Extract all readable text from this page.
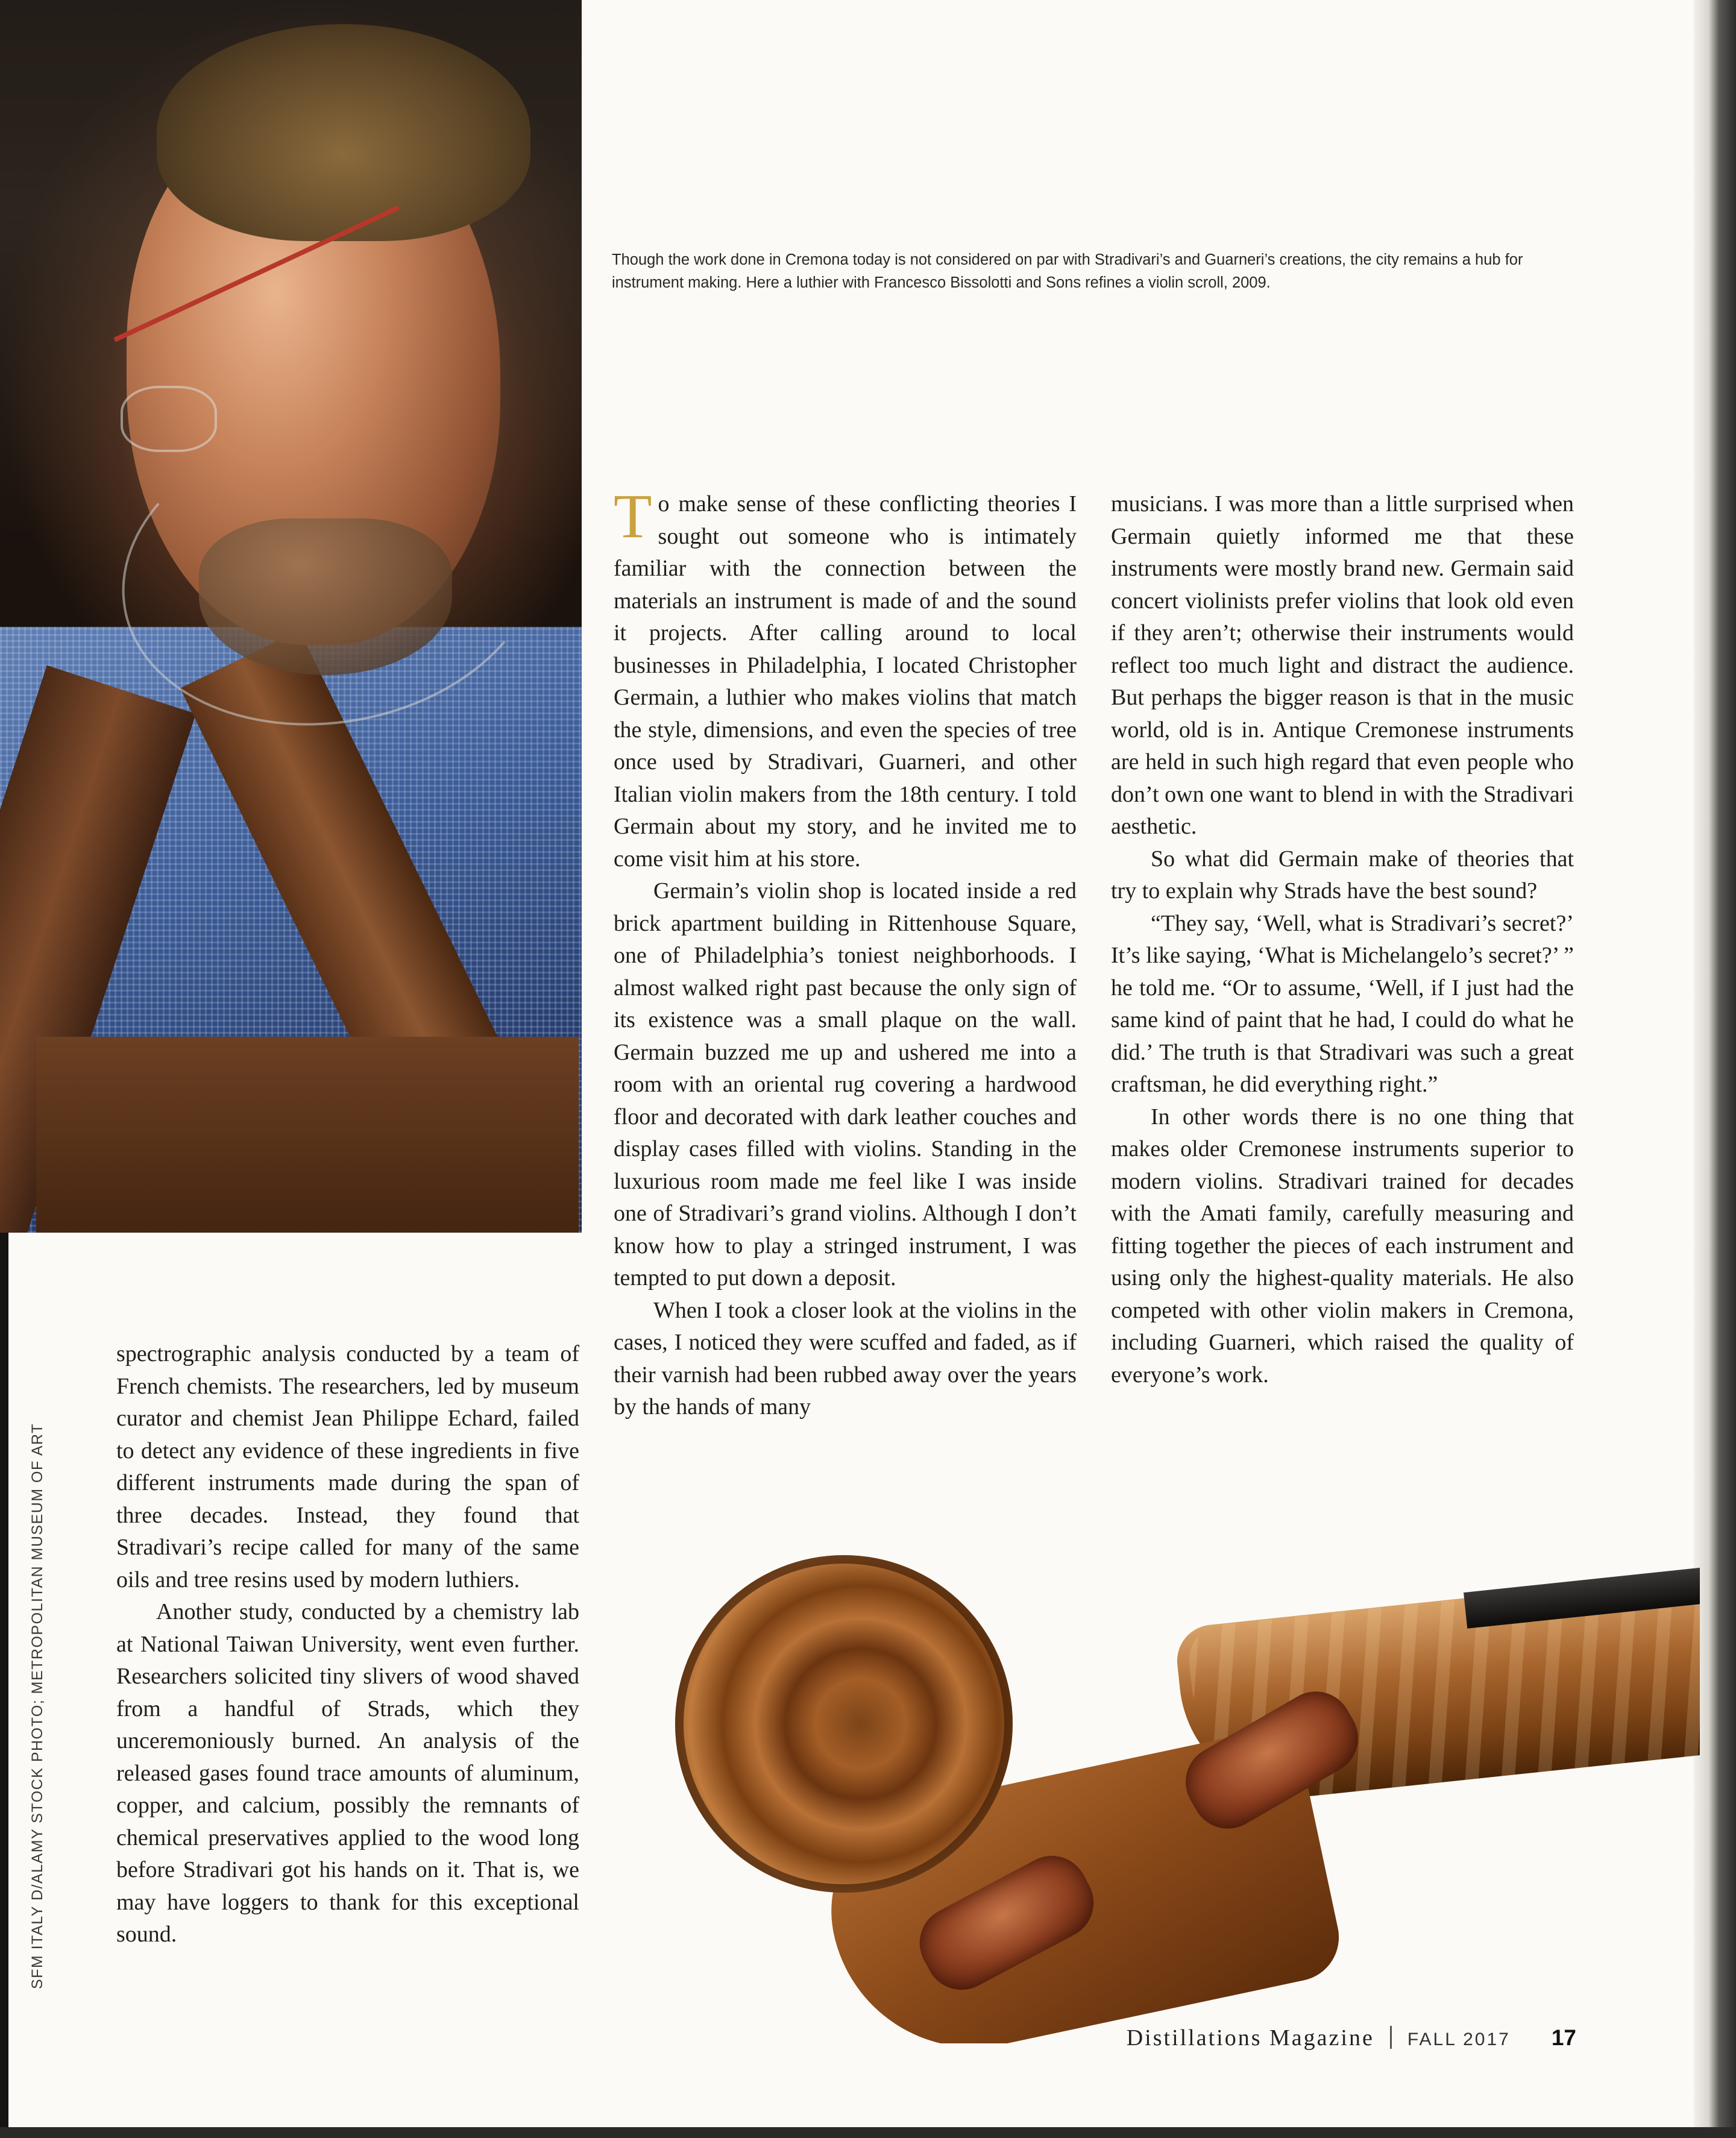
Though the work done in Cremona today is not considered on par with Stradivari’s and Guarneri’s creations, the city remains a hub for instrument making. Here a luthier with Francesco Bissolotti and Sons refines a violin scroll, 2009.

To make sense of these conflicting theories I sought out someone who is intimately familiar with the connection between the materials an instrument is made of and the sound it projects. After calling around to local businesses in Philadelphia, I located Christopher Germain, a luthier who makes violins that match the style, dimensions, and even the species of tree once used by Stradivari, Guarneri, and other Italian violin makers from the 18th century. I told Germain about my story, and he invited me to come visit him at his store.

Germain’s violin shop is located inside a red brick apartment building in Rittenhouse Square, one of Philadelphia’s toniest neighborhoods. I almost walked right past because the only sign of its existence was a small plaque on the wall. Germain buzzed me up and ushered me into a room with an oriental rug covering a hardwood floor and decorated with dark leather couches and display cases filled with violins. Standing in the luxurious room made me feel like I was inside one of Stradivari’s grand violins. Although I don’t know how to play a stringed instrument, I was tempted to put down a deposit.

When I took a closer look at the violins in the cases, I noticed they were scuffed and faded, as if their varnish had been rubbed away over the years by the hands of many

musicians. I was more than a little surprised when Germain quietly informed me that these instruments were mostly brand new. Germain said concert violinists prefer violins that look old even if they aren’t; otherwise their instruments would reflect too much light and distract the audience. But perhaps the bigger reason is that in the music world, old is in. Antique Cremonese instruments are held in such high regard that even people who don’t own one want to blend in with the Stradivari aesthetic.

So what did Germain make of theories that try to explain why Strads have the best sound?

“They say, ‘Well, what is Stradivari’s secret?’ It’s like saying, ‘What is Michelangelo’s secret?’ ” he told me. “Or to assume, ‘Well, if I just had the same kind of paint that he had, I could do what he did.’ The truth is that Stradivari was such a great craftsman, he did everything right.”

In other words there is no one thing that makes older Cremonese instruments superior to modern violins. Stradivari trained for decades with the Amati family, carefully measuring and fitting together the pieces of each instrument and using only the highest-quality materials. He also competed with other violin makers in Cremona, including Guarneri, which raised the quality of everyone’s work.

spectrographic analysis conducted by a team of French chemists. The researchers, led by museum curator and chemist Jean Philippe Echard, failed to detect any evidence of these ingredients in five different instruments made during the span of three decades. Instead, they found that Stradivari’s recipe called for many of the same oils and tree resins used by modern luthiers.

Another study, conducted by a chemistry lab at National Taiwan University, went even further. Researchers solicited tiny slivers of wood shaved from a handful of Strads, which they unceremoniously burned. An analysis of the released gases found trace amounts of aluminum, copper, and calcium, possibly the remnants of chemical preservatives applied to the wood long before Stradivari got his hands on it. That is, we may have loggers to thank for this exceptional sound.

SFM ITALY D/ALAMY STOCK PHOTO; METROPOLITAN MUSEUM OF ART
Distillations Magazine FALL 2017 17
